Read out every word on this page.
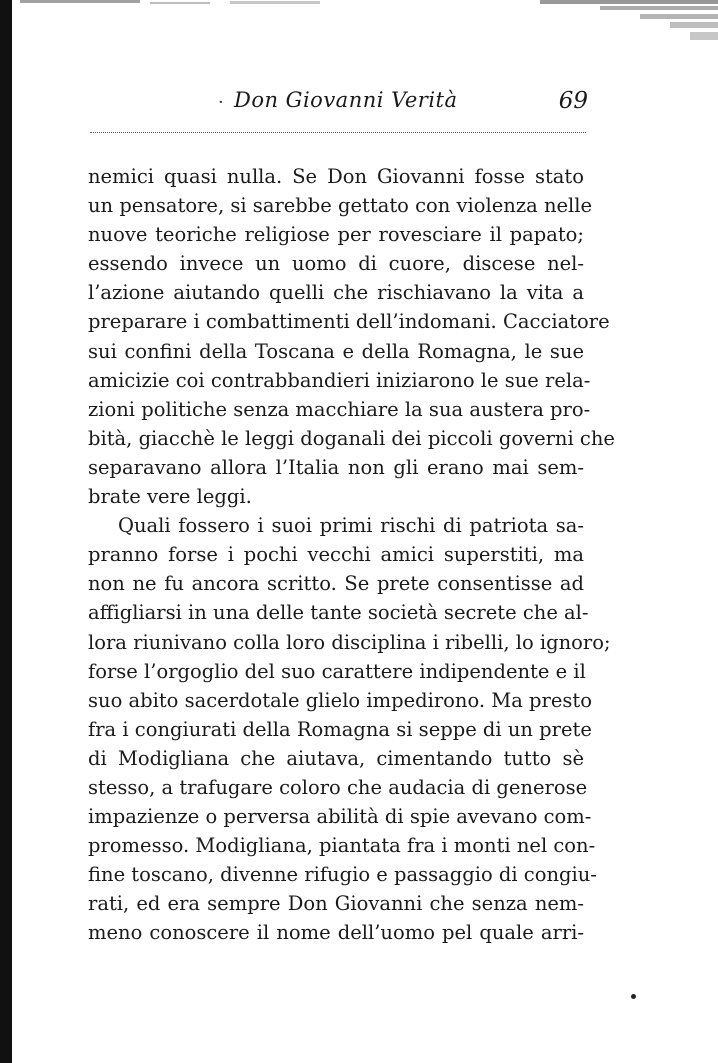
· Don Giovanni Verità	69
nemici quasi nulla. Se Don Giovanni fosse stato
un pensatore, si sarebbe gettato con violenza nelle
nuove teoriche religiose per rovesciare il papato;
essendo invece un uomo di cuore, discese nel-
l’azione aiutando quelli che rischiavano la vita a
preparare i combattimenti dell’indomani. Cacciatore
sui confini della Toscana e della Romagna, le sue
amicizie coi contrabbandieri iniziarono le sue rela-
zioni politiche senza macchiare la sua austera pro-
bità, giacchè le leggi doganali dei piccoli governi che
separavano allora l’Italia non gli erano mai sem-
brate vere leggi.
Quali fossero i suoi primi rischi di patriota sa-
pranno forse i pochi vecchi amici superstiti, ma
non ne fu ancora scritto. Se prete consentisse ad
affigliarsi in una delle tante società secrete che al-
lora riunivano colla loro disciplina i ribelli, lo ignoro;
forse l’orgoglio del suo carattere indipendente e il
suo abito sacerdotale glielo impedirono. Ma presto
fra i congiurati della Romagna si seppe di un prete
di Modigliana che aiutava, cimentando tutto sè
stesso, a trafugare coloro che audacia di generose
impazienze o perversa abilità di spie avevano com-
promesso. Modigliana, piantata fra i monti nel con-
fine toscano, divenne rifugio e passaggio di congiu-
rati, ed era sempre Don Giovanni che senza nem-
meno conoscere il nome dell’uomo pel quale arri-
